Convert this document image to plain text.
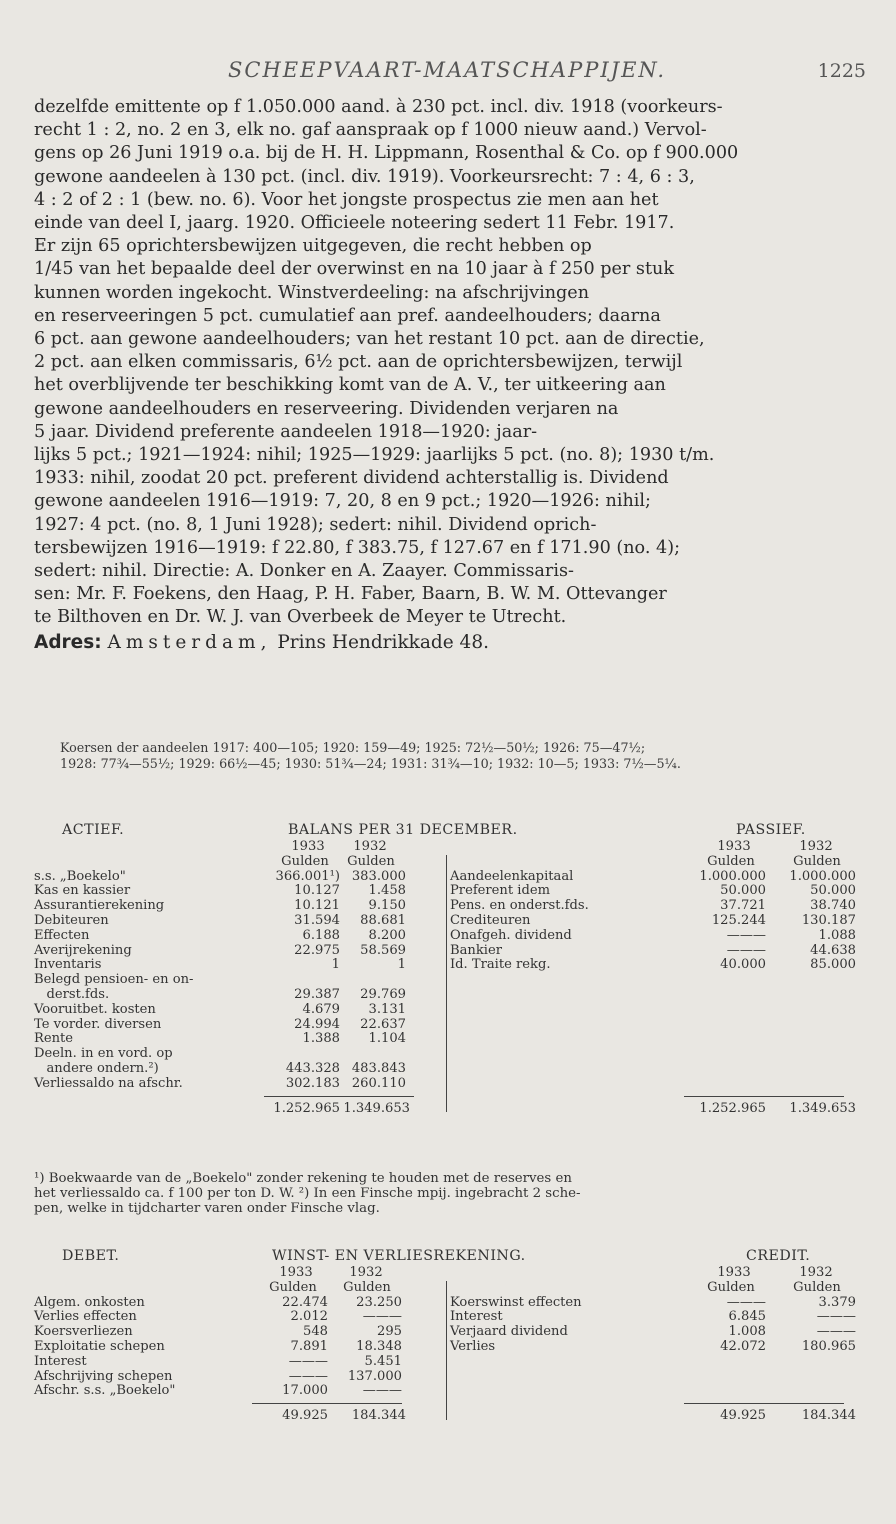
SCHEEPVAART-MAATSCHAPPIJEN.	1225

dezelfde emittente op f 1.050.000 aand. à 230 pct. incl. div. 1918 (voorkeurs-

recht 1 : 2, no. 2 en 3, elk no. gaf aanspraak op f 1000 nieuw aand.) Vervol-

gens op 26 Juni 1919 o.a. bij de H. H. Lippmann, Rosenthal & Co. op f 900.000

gewone aandeelen à 130 pct. (incl. div. 1919). Voorkeursrecht: 7 : 4, 6 : 3,

4 : 2 of 2 : 1 (bew. no. 6). Voor het jongste prospectus zie men aan het

einde van deel I, jaarg. 1920. Officieele noteering sedert 11 Febr. 1917.

Er zijn 65 oprichtersbewijzen uitgegeven, die recht hebben op

1/45 van het bepaalde deel der overwinst en na 10 jaar à f 250 per stuk

kunnen worden ingekocht. Winstverdeeling: na afschrijvingen

en reserveeringen 5 pct. cumulatief aan pref. aandeelhouders; daarna

6 pct. aan gewone aandeelhouders; van het restant 10 pct. aan de directie,

2 pct. aan elken commissaris, 6½ pct. aan de oprichtersbewijzen, terwijl

het overblijvende ter beschikking komt van de A. V., ter uitkeering aan

gewone aandeelhouders en reserveering. Dividenden verjaren na

5 jaar. Dividend preferente aandeelen 1918—1920: jaar-

lijks 5 pct.; 1921—1924: nihil; 1925—1929: jaarlijks 5 pct. (no. 8); 1930 t/m.

1933: nihil, zoodat 20 pct. preferent dividend achterstallig is. Dividend

gewone aandeelen 1916—1919: 7, 20, 8 en 9 pct.; 1920—1926: nihil;

1927: 4 pct. (no. 8, 1 Juni 1928); sedert: nihil. Dividend oprich-

tersbewijzen 1916—1919: f 22.80, f 383.75, f 127.67 en f 171.90 (no. 4);

sedert: nihil. Directie: A. Donker en A. Zaayer. Commissaris-

sen: Mr. F. Foekens, den Haag, P. H. Faber, Baarn, B. W. M. Ottevanger

te Bilthoven en Dr. W. J. van Overbeek de Meyer te Utrecht.

Adres: Amsterdam, Prins Hendrikkade 48.

Koersen der aandeelen 1917: 400—105; 1920: 159—49; 1925: 72½—50½; 1926: 75—47½;
1928: 77¾—55½; 1929: 66½—45; 1930: 51¾—24; 1931: 31¾—10; 1932: 10—5; 1933: 7½—5¼.
ACTIEF.	BALANS PER 31 DECEMBER.	PASSIEF.
1933	1932	1933	1932
Gulden	Gulden	Gulden	Gulden
s.s. „Boekelo"	366.001¹) 383.000
Kas en kassier	10.127	1.458
Assurantierekening	10.121	9.150
Debiteuren	31.594	88.681
Effecten	6.188	8.200
Averijrekening	22.975	58.569
Inventaris	1	1
Belegd pensioen- en on-
derst.fds.	29.387	29.769
Vooruitbet. kosten	4.679	3.131
Te vorder. diversen	24.994	22.637
Rente	1.388	1.104
Deeln. in en vord. op
andere ondern.²)	443.328 483.843
Verliessaldo na afschr.	302.183 260.110
Aandeelenkapitaal	1.000.000	1.000.000
Preferent idem	50.000	50.000
Pens. en onderst.fds.	37.721	38.740
Crediteuren	125.244	130.187
Onafgeh. dividend	———	1.088
Bankier	———	44.638
Id. Traite rekg.	40.000	85.000
1.252.965 1.349.653	1.252.965	1.349.653
¹) Boekwaarde van de „Boekelo" zonder rekening te houden met de reserves en
het verliessaldo ca. f 100 per ton D. W. ²) In een Finsche mpij. ingebracht 2 sche-
pen, welke in tijdcharter varen onder Finsche vlag.
DEBET.	WINST- EN VERLIESREKENING.	CREDIT.
1933	1932	1933	1932
Gulden	Gulden	Gulden	Gulden
Algem. onkosten	22.474	23.250
Verlies effecten	2.012	———
Koersverliezen	548	295
Exploitatie schepen	7.891	18.348
Interest	———	5.451
Afschrijving schepen	———	137.000
Afschr. s.s. „Boekelo"	17.000	———
Koerswinst effecten	———	3.379
Interest	6.845	———
Verjaard dividend	1.008	———
Verlies	42.072	180.965
49.925	184.344	49.925	184.344
